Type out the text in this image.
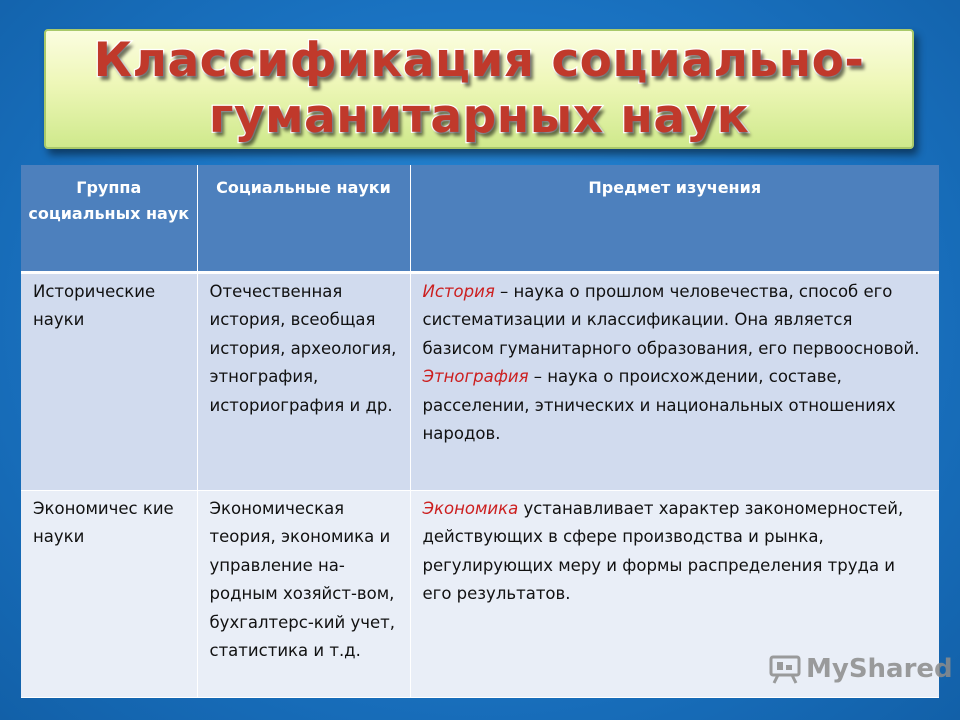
Классификация социально-
гуманитарных наук
Группа социальных наук	Социальные науки	Предмет изучения
Исторические науки	Отечественная история, всеобщая история, археология, этнография, историография и др.	История – наука о прошлом человечества, способ его систематизации и классификации. Она является базисом гуманитарного образования, его первоосновой.
Этнография – наука о происхождении, составе, расселении, этнических и национальных отношениях народов.
Экономичес кие науки	Экономическая теория, экономика и управление на-родным хозяйст-вом, бухгалтерс-кий учет, статистика и т.д.	Экономика устанавливает характер закономерностей, действующих в сфере производства и рынка, регулирующих меру и формы распределения труда и его результатов.
MyShared
